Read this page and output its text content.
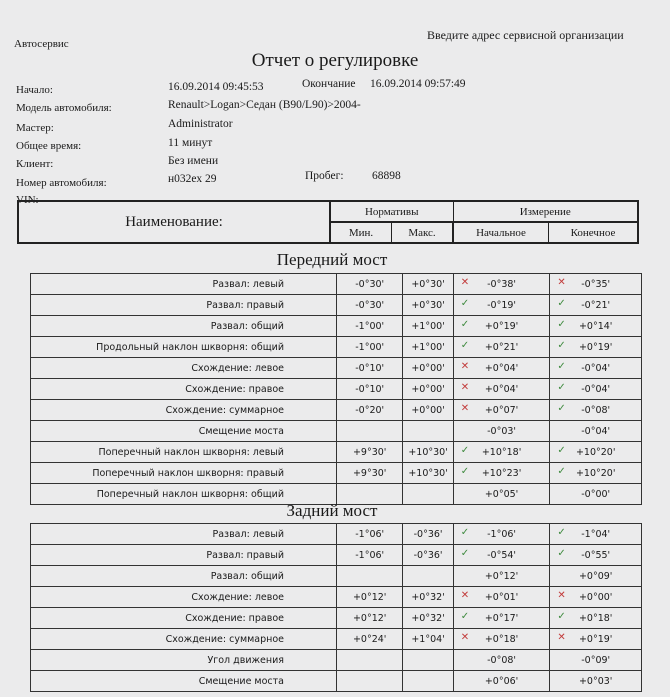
Автосервис
Введите адрес сервисной организации
Отчет о регулировке
Начало:	16.09.2014 09:45:53	Окончание 16.09.2014 09:57:49
Модель автомобиля:	Renault>Logan>Седан (B90/L90)>2004-
Мастер:	Administrator
Общее время:	11 минут
Клиент:	Без имени
Номер автомобиля:	н032ех 29	Пробег: 68898
VIN:
Наименование:	Нормативы		Измерение	
	Мин.	Макс.	Начальное	Конечное
Передний мост
Развал: левый	-0°30'	+0°30'	✕ -0°38'	✕ -0°35'
Развал: правый	-0°30'	+0°30'	✓ -0°19'	✓ -0°21'
Развал: общий	-1°00'	+1°00'	✓ +0°19'	✓ +0°14'
Продольный наклон шкворня: общий	-1°00'	+1°00'	✓ +0°21'	✓ +0°19'
Схождение: левое	-0°10'	+0°00'	✕ +0°04'	✓ -0°04'
Схождение: правое	-0°10'	+0°00'	✕ +0°04'	✓ -0°04'
Схождение: суммарное	-0°20'	+0°00'	✕ +0°07'	✓ -0°08'
Смещение моста			-0°03'	-0°04'
Поперечный наклон шкворня: левый	+9°30'	+10°30'	✓ +10°18'	✓ +10°20'
Поперечный наклон шкворня: правый	+9°30'	+10°30'	✓ +10°23'	✓ +10°20'
Поперечный наклон шкворня: общий			+0°05'	-0°00'
Задний мост
Развал: левый	-1°06'	-0°36'	✓ -1°06'	✓ -1°04'
Развал: правый	-1°06'	-0°36'	✓ -0°54'	✓ -0°55'
Развал: общий			+0°12'	+0°09'
Схождение: левое	+0°12'	+0°32'	✕ +0°01'	✕ +0°00'
Схождение: правое	+0°12'	+0°32'	✓ +0°17'	✓ +0°18'
Схождение: суммарное	+0°24'	+1°04'	✕ +0°18'	✕ +0°19'
Угол движения			-0°08'	-0°09'
Смещение моста			+0°06'	+0°03'
